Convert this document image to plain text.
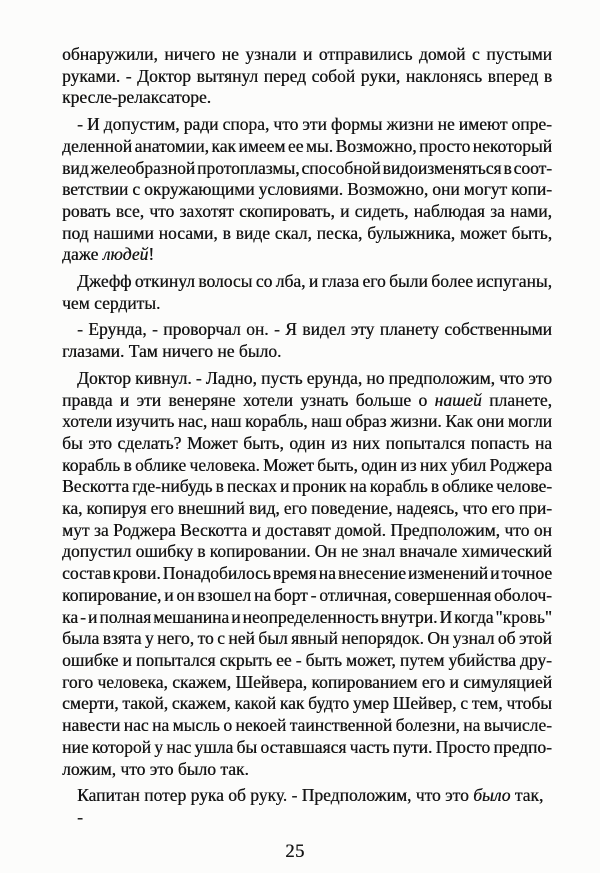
обнаружили, ничего не узнали и отправились домой с пустыми
руками. - Доктор вытянул перед собой руки, наклонясь вперед в
кресле-релаксаторе.
- И допустим, ради спора, что эти формы жизни не имеют опре-
деленной анатомии, как имеем ее мы. Возможно, просто некоторый
вид желеобразной протоплазмы, способной видоизменяться в соот-
ветствии с окружающими условиями. Возможно, они могут копи-
ровать все, что захотят скопировать, и сидеть, наблюдая за нами,
под нашими носами, в виде скал, песка, булыжника, может быть,
даже людей!
Джефф откинул волосы со лба, и глаза его были более испуганы,
чем сердиты.
- Ерунда, - проворчал он. - Я видел эту планету собственными
глазами. Там ничего не было.
Доктор кивнул. - Ладно, пусть ерунда, но предположим, что это
правда и эти венеряне хотели узнать больше о нашей планете,
хотели изучить нас, наш корабль, наш образ жизни. Как они могли
бы это сделать? Может быть, один из них попытался попасть на
корабль в облике человека. Может быть, один из них убил Роджера
Вескотта где-нибудь в песках и проник на корабль в облике челове-
ка, копируя его внешний вид, его поведение, надеясь, что его при-
мут за Роджера Вескотта и доставят домой. Предположим, что он
допустил ошибку в копировании. Он не знал вначале химический
состав крови. Понадобилось время на внесение изменений и точное
копирование, и он взошел на борт - отличная, совершенная оболоч-
ка - и полная мешанина и неопределенность внутри. И когда "кровь"
была взята у него, то с ней был явный непорядок. Он узнал об этой
ошибке и попытался скрыть ее - быть может, путем убийства дру-
гого человека, скажем, Шейвера, копированием его и симуляцией
смерти, такой, скажем, какой как будто умер Шейвер, с тем, чтобы
навести нас на мысль о некоей таинственной болезни, на вычисле-
ние которой у нас ушла бы оставшаяся часть пути. Просто предпо-
ложим, что это было так.
Капитан потер рука об руку. - Предположим, что это было так, -
25
